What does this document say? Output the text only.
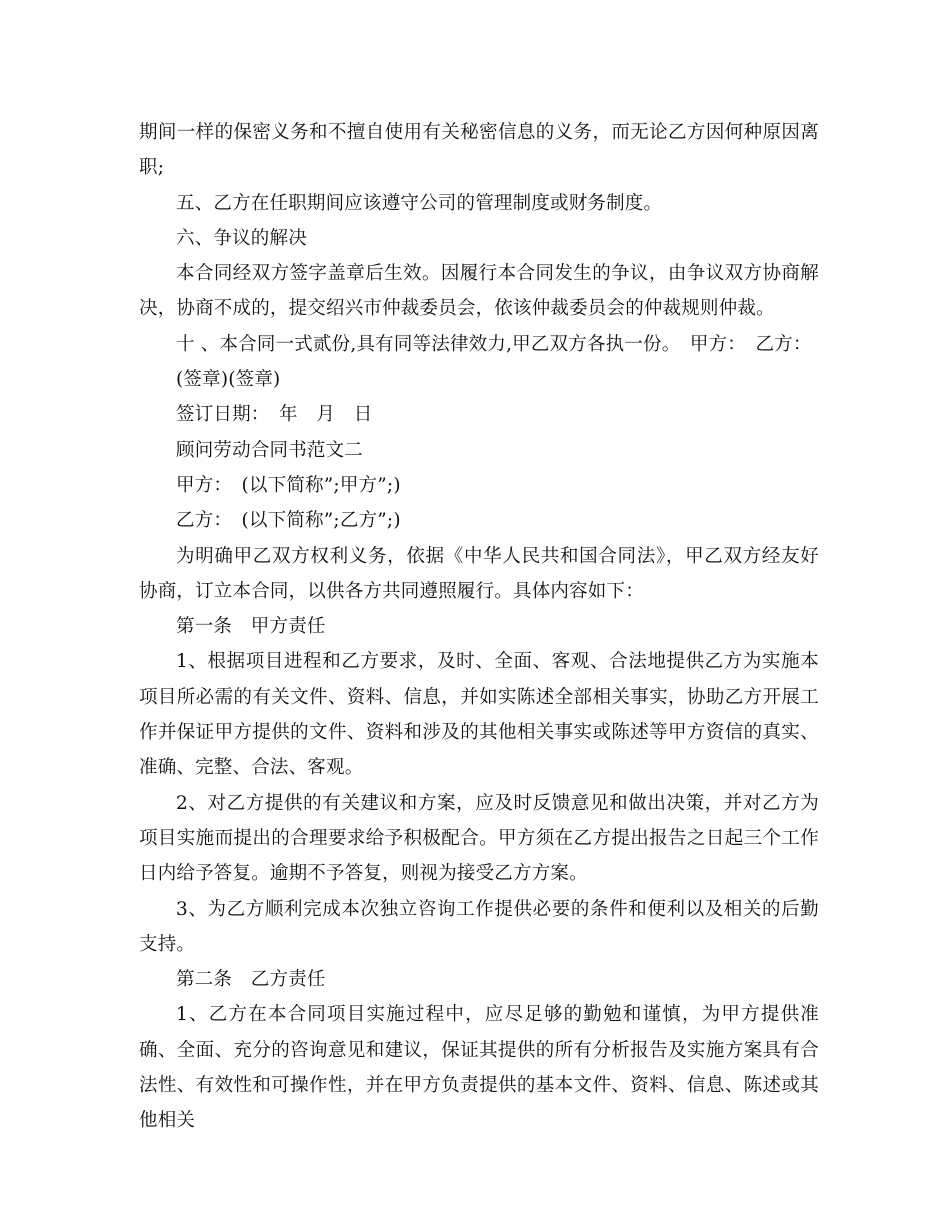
期间一样的保密义务和不擅自使用有关秘密信息的义务，而无论乙方因何种原因离职;

五、乙方在任职期间应该遵守公司的管理制度或财务制度。

六、争议的解决

本合同经双方签字盖章后生效。因履行本合同发生的争议，由争议双方协商解决，协商不成的，提交绍兴市仲裁委员会，依该仲裁委员会的仲裁规则仲裁。

十 、本合同一式贰份,具有同等法律效力,甲乙双方各执一份。　甲方：　乙方：

(签章)(签章)

签订日期：　年　月　日

顾问劳动合同书范文二

甲方：　(以下简称”;甲方”;)

乙方：　(以下简称”;乙方”;)

为明确甲乙双方权利义务，依据《中华人民共和国合同法》，甲乙双方经友好协商，订立本合同，以供各方共同遵照履行。具体内容如下：

第一条　甲方责任

1、根据项目进程和乙方要求，及时、全面、客观、合法地提供乙方为实施本项目所必需的有关文件、资料、信息，并如实陈述全部相关事实，协助乙方开展工作并保证甲方提供的文件、资料和涉及的其他相关事实或陈述等甲方资信的真实、准确、完整、合法、客观。

2、对乙方提供的有关建议和方案，应及时反馈意见和做出决策，并对乙方为项目实施而提出的合理要求给予积极配合。甲方须在乙方提出报告之日起三个工作日内给予答复。逾期不予答复，则视为接受乙方方案。

3、为乙方顺利完成本次独立咨询工作提供必要的条件和便利以及相关的后勤支持。

第二条　乙方责任

1、乙方在本合同项目实施过程中，应尽足够的勤勉和谨慎，为甲方提供准确、全面、充分的咨询意见和建议，保证其提供的所有分析报告及实施方案具有合法性、有效性和可操作性，并在甲方负责提供的基本文件、资料、信息、陈述或其他相关
